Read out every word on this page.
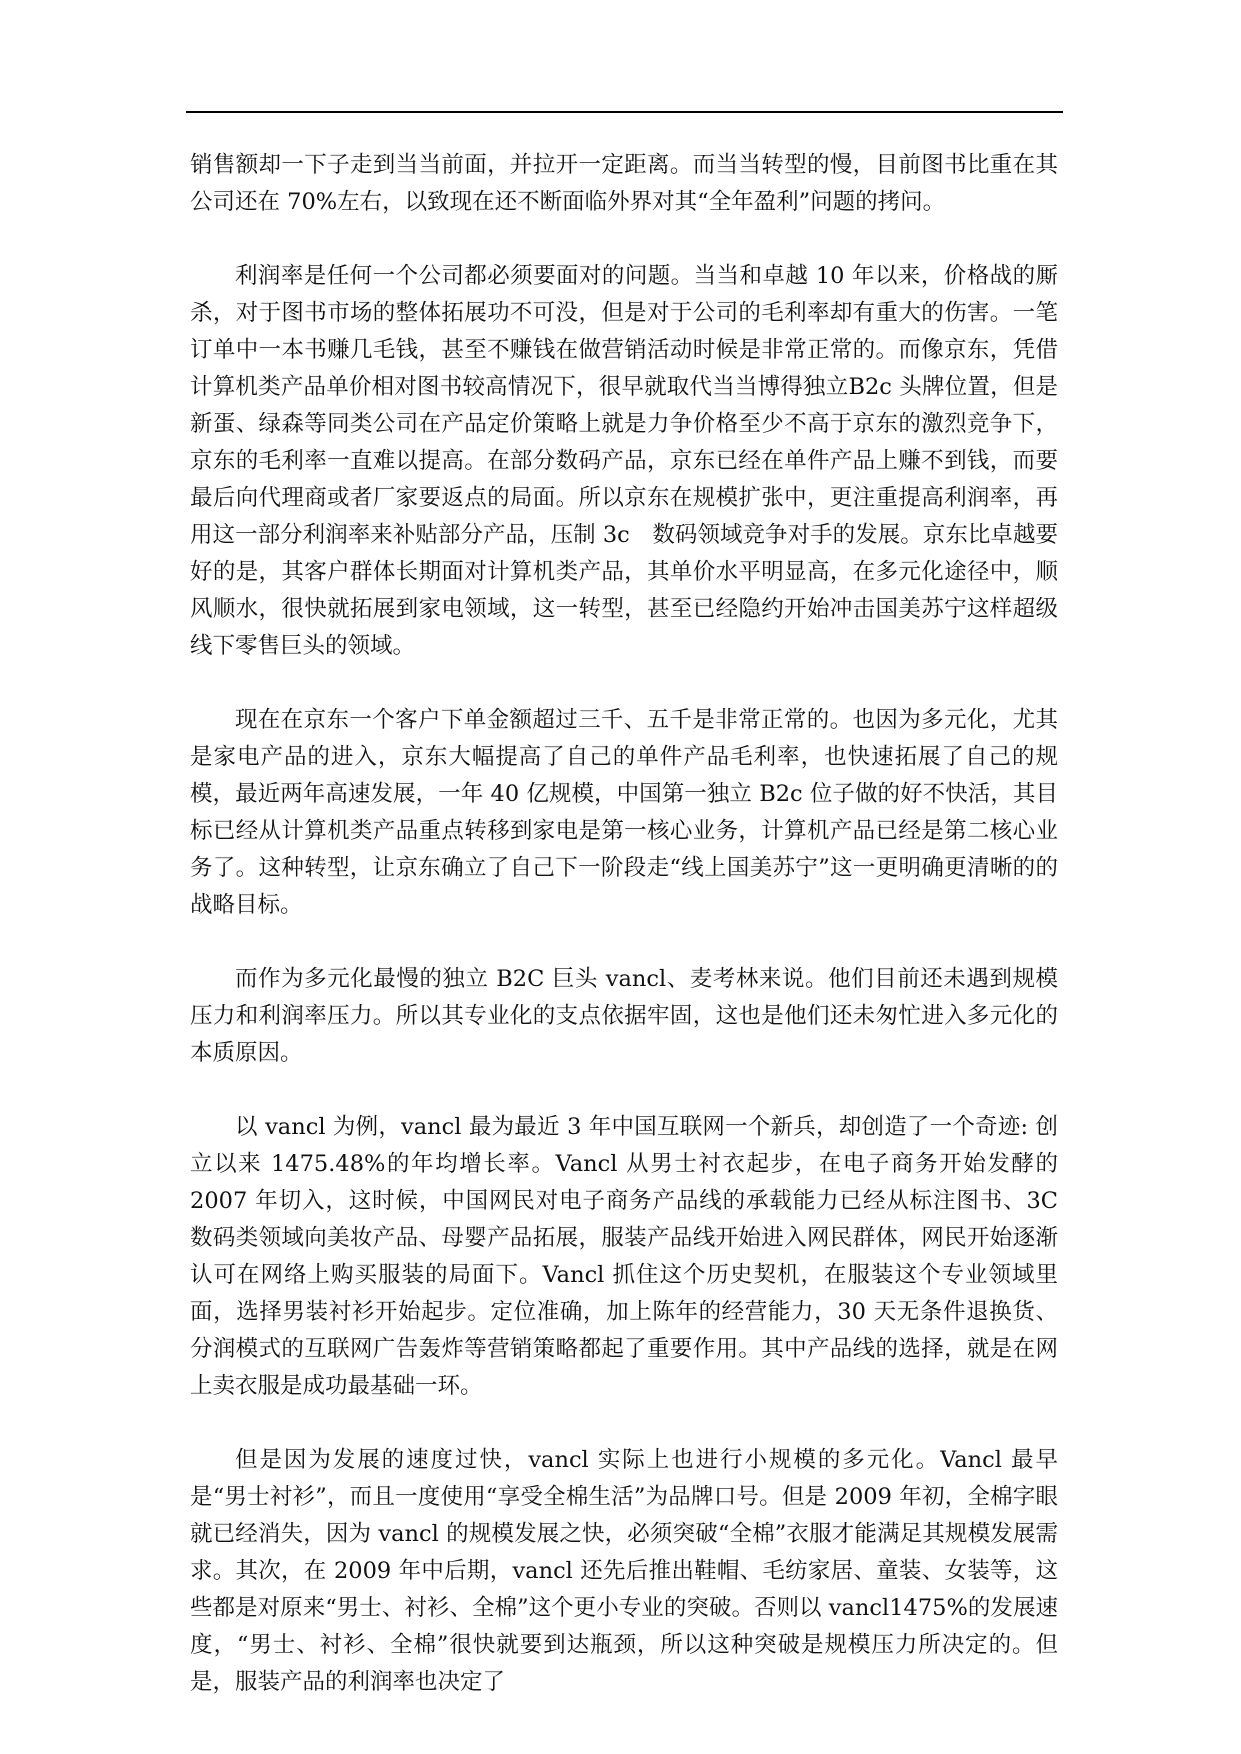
销售额却一下子走到当当前面，并拉开一定距离。而当当转型的慢，目前图书比重在其公司还在 70%左右，以致现在还不断面临外界对其“全年盈利”问题的拷问。

利润率是任何一个公司都必须要面对的问题。当当和卓越 10 年以来，价格战的厮杀，对于图书市场的整体拓展功不可没，但是对于公司的毛利率却有重大的伤害。一笔订单中一本书赚几毛钱，甚至不赚钱在做营销活动时候是非常正常的。而像京东，凭借计算机类产品单价相对图书较高情况下，很早就取代当当博得独立B2c 头牌位置，但是新蛋、绿森等同类公司在产品定价策略上就是力争价格至少不高于京东的激烈竞争下，京东的毛利率一直难以提高。在部分数码产品，京东已经在单件产品上赚不到钱，而要最后向代理商或者厂家要返点的局面。所以京东在规模扩张中，更注重提高利润率，再用这一部分利润率来补贴部分产品，压制 3c　数码领域竞争对手的发展。京东比卓越要好的是，其客户群体长期面对计算机类产品，其单价水平明显高，在多元化途径中，顺风顺水，很快就拓展到家电领域，这一转型，甚至已经隐约开始冲击国美苏宁这样超级线下零售巨头的领域。

现在在京东一个客户下单金额超过三千、五千是非常正常的。也因为多元化，尤其是家电产品的进入，京东大幅提高了自己的单件产品毛利率，也快速拓展了自己的规模，最近两年高速发展，一年 40 亿规模，中国第一独立 B2c 位子做的好不快活，其目标已经从计算机类产品重点转移到家电是第一核心业务，计算机产品已经是第二核心业务了。这种转型，让京东确立了自己下一阶段走“线上国美苏宁”这一更明确更清晰的的战略目标。

而作为多元化最慢的独立 B2C 巨头 vancl、麦考林来说。他们目前还未遇到规模压力和利润率压力。所以其专业化的支点依据牢固，这也是他们还未匆忙进入多元化的本质原因。

以 vancl 为例，vancl 最为最近 3 年中国互联网一个新兵，却创造了一个奇迹: 创立以来 1475.48%的年均增长率。Vancl 从男士衬衣起步，在电子商务开始发酵的 2007 年切入，这时候，中国网民对电子商务产品线的承载能力已经从标注图书、3C 数码类领域向美妆产品、母婴产品拓展，服装产品线开始进入网民群体，网民开始逐渐认可在网络上购买服装的局面下。Vancl 抓住这个历史契机，在服装这个专业领域里面，选择男装衬衫开始起步。定位准确，加上陈年的经营能力，30 天无条件退换货、分润模式的互联网广告轰炸等营销策略都起了重要作用。其中产品线的选择，就是在网上卖衣服是成功最基础一环。

但是因为发展的速度过快，vancl 实际上也进行小规模的多元化。Vancl 最早是“男士衬衫”，而且一度使用“享受全棉生活”为品牌口号。但是 2009 年初，全棉字眼就已经消失，因为 vancl 的规模发展之快，必须突破“全棉”衣服才能满足其规模发展需求。其次，在 2009 年中后期，vancl 还先后推出鞋帽、毛纺家居、童装、女装等，这些都是对原来“男士、衬衫、全棉”这个更小专业的突破。否则以 vancl1475%的发展速度，“男士、衬衫、全棉”很快就要到达瓶颈，所以这种突破是规模压力所决定的。但是，服装产品的利润率也决定了
